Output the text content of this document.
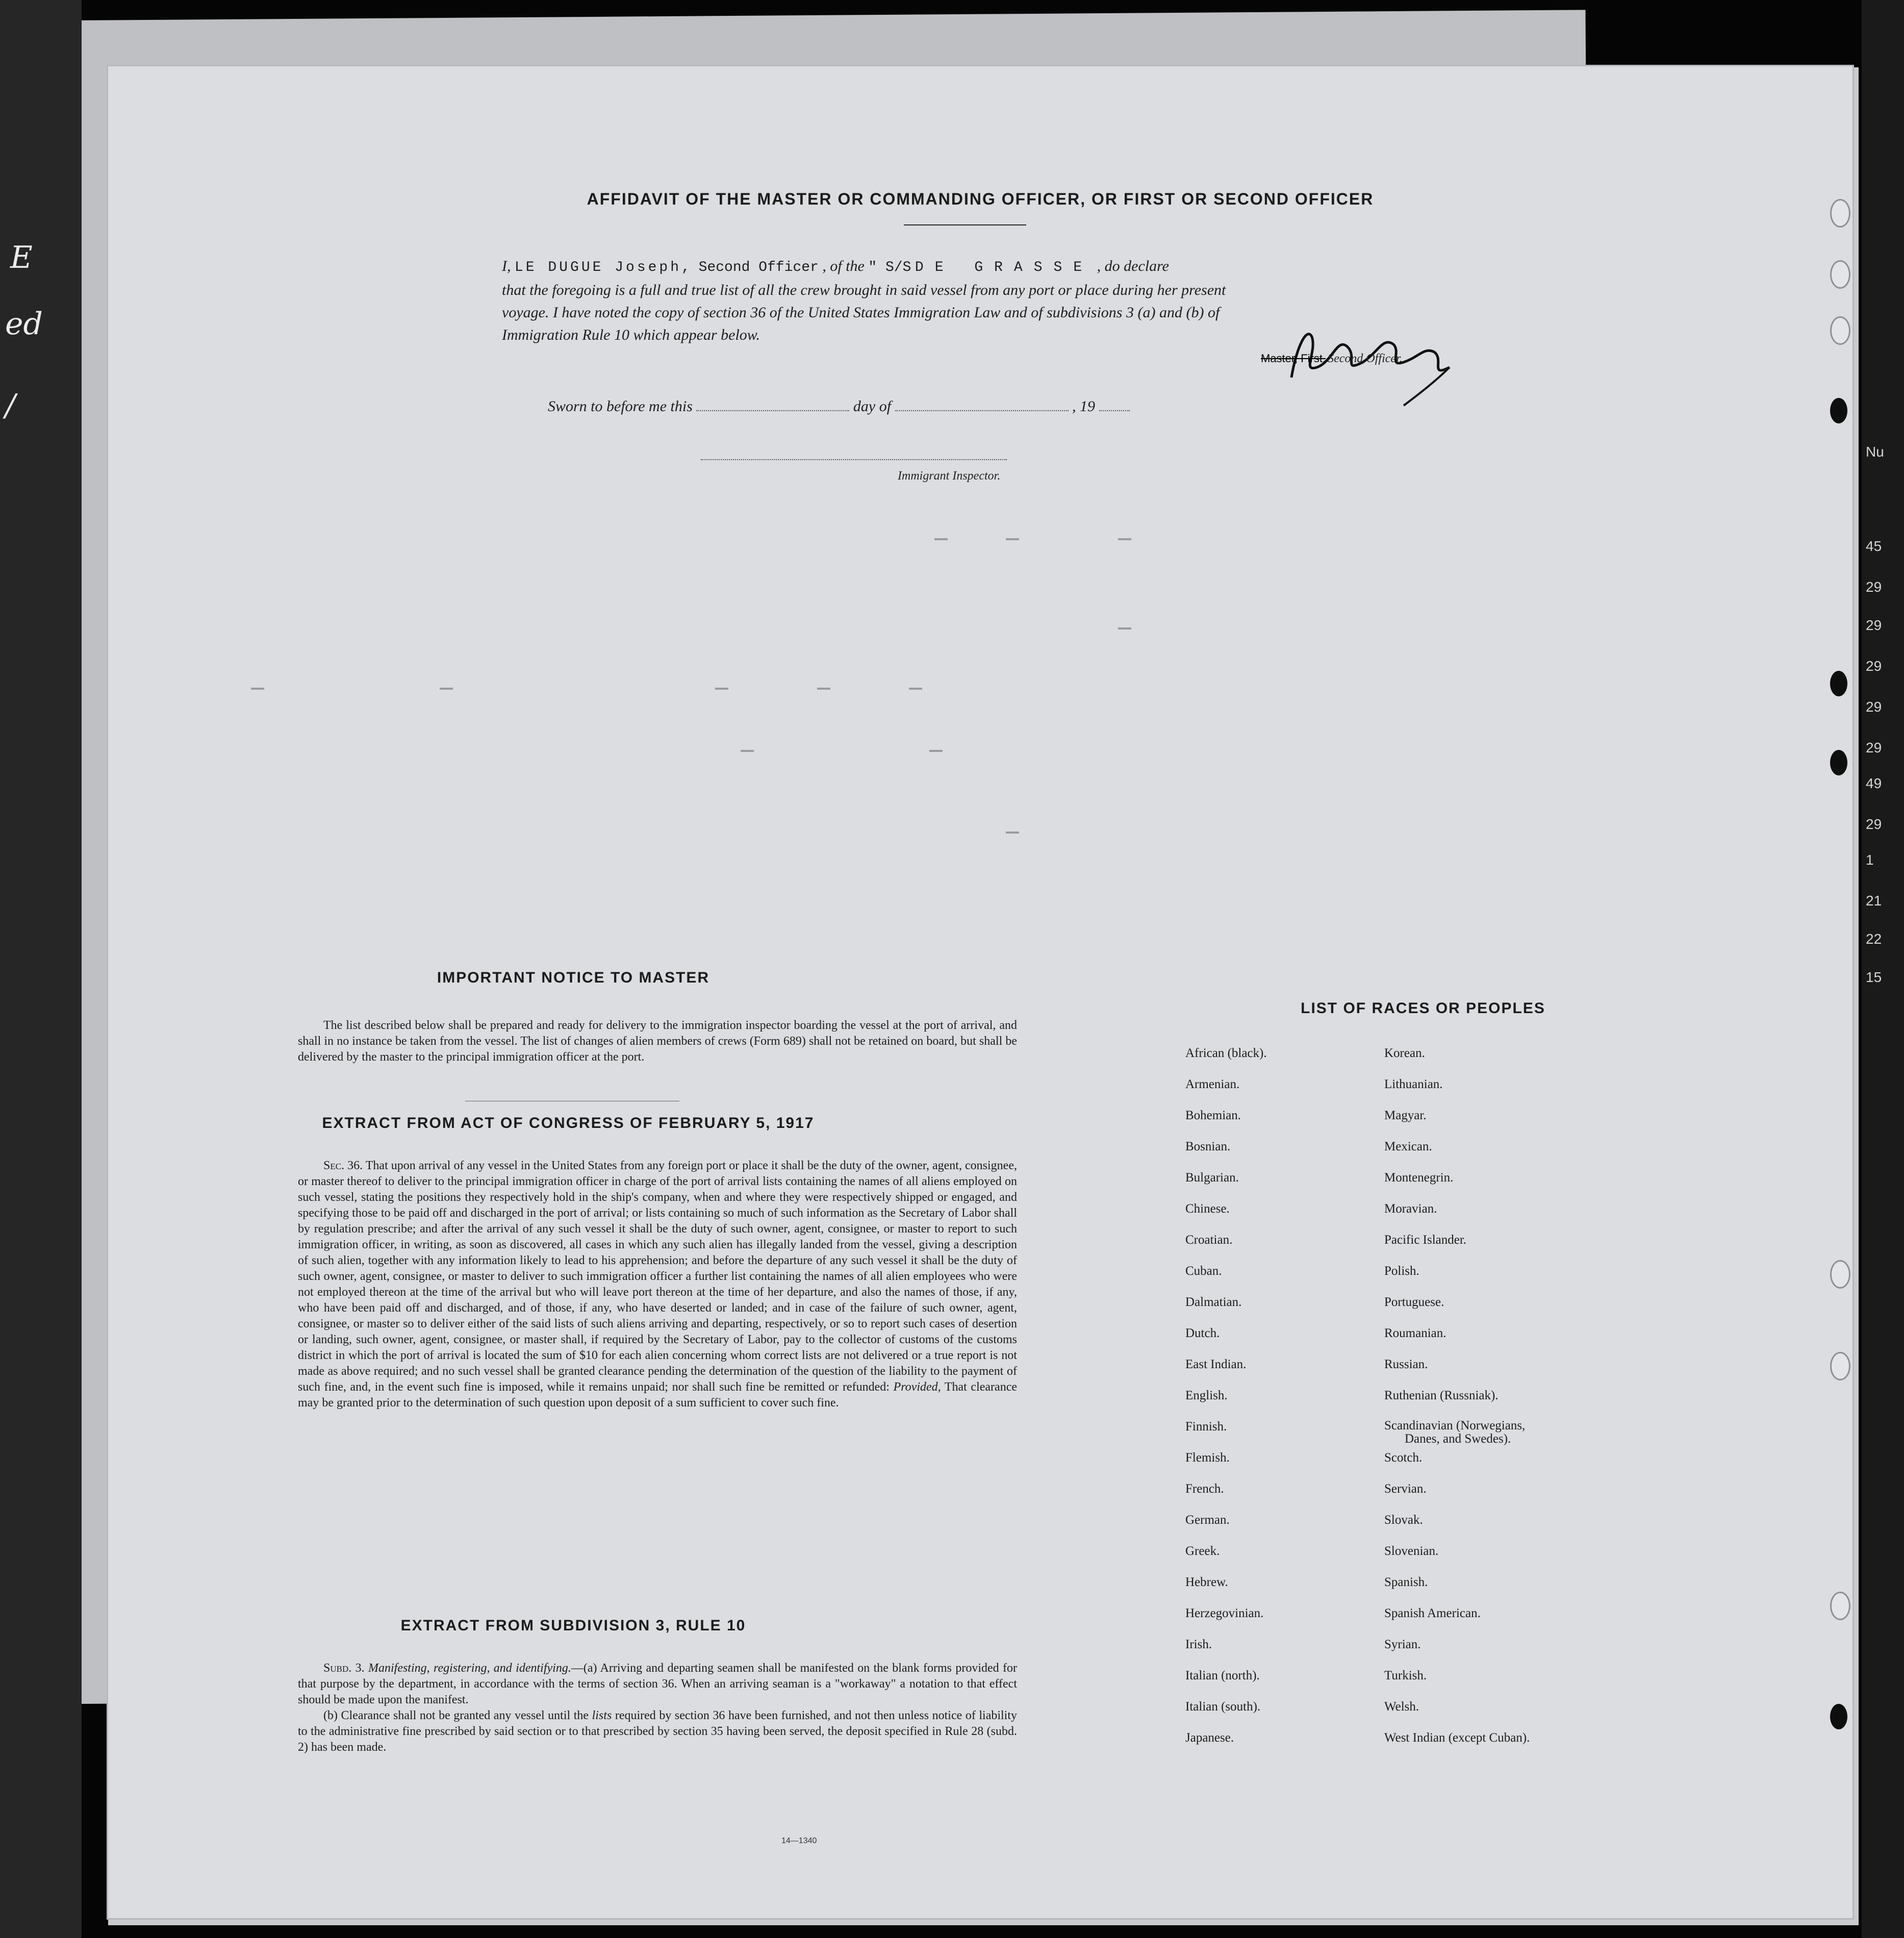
E
ed
/
Nu
45
29
29
29
29
29
49
29
1
21
22
15
AFFIDAVIT OF THE MASTER OR COMMANDING OFFICER, OR FIRST OR SECOND OFFICER
I, LE DUGUE Joseph, Second Officer , of the " S/S DE GRASSE , do declare
that the foregoing is a full and true list of all the crew brought in said vessel from any port or place during her present
voyage. I have noted the copy of section 36 of the United States Immigration Law and of subdivisions 3 (a) and (b) of
Immigration Rule 10 which appear below.
Master, First, Second Officer.
Sworn to before me this	day of	, 19
Immigrant Inspector.
IMPORTANT NOTICE TO MASTER

The list described below shall be prepared and ready for delivery to the immigration inspector boarding the vessel at the port of arrival, and shall in no instance be taken from the vessel. The list of changes of alien members of crews (Form 689) shall not be retained on board, but shall be delivered by the master to the principal immigration officer at the port.

EXTRACT FROM ACT OF CONGRESS OF FEBRUARY 5, 1917

Sec. 36. That upon arrival of any vessel in the United States from any foreign port or place it shall be the duty of the owner, agent, consignee, or master thereof to deliver to the principal immigration officer in charge of the port of arrival lists containing the names of all aliens employed on such vessel, stating the positions they respectively hold in the ship's company, when and where they were respectively shipped or engaged, and specifying those to be paid off and discharged in the port of arrival; or lists containing so much of such information as the Secretary of Labor shall by regulation prescribe; and after the arrival of any such vessel it shall be the duty of such owner, agent, consignee, or master to report to such immigration officer, in writing, as soon as discovered, all cases in which any such alien has illegally landed from the vessel, giving a description of such alien, together with any information likely to lead to his apprehension; and before the departure of any such vessel it shall be the duty of such owner, agent, consignee, or master to deliver to such immigration officer a further list containing the names of all alien employees who were not employed thereon at the time of the arrival but who will leave port thereon at the time of her departure, and also the names of those, if any, who have been paid off and discharged, and of those, if any, who have deserted or landed; and in case of the failure of such owner, agent, consignee, or master so to deliver either of the said lists of such aliens arriving and departing, respectively, or so to report such cases of desertion or landing, such owner, agent, consignee, or master shall, if required by the Secretary of Labor, pay to the collector of customs of the customs district in which the port of arrival is located the sum of $10 for each alien concerning whom correct lists are not delivered or a true report is not made as above required; and no such vessel shall be granted clearance pending the determination of the question of the liability to the payment of such fine, and, in the event such fine is imposed, while it remains unpaid; nor shall such fine be remitted or refunded: Provided, That clearance may be granted prior to the determination of such question upon deposit of a sum sufficient to cover such fine.

EXTRACT FROM SUBDIVISION 3, RULE 10

Subd. 3. Manifesting, registering, and identifying.—(a) Arriving and departing seamen shall be manifested on the blank forms provided for that purpose by the department, in accordance with the terms of section 36. When an arriving seaman is a "workaway" a notation to that effect should be made upon the manifest.

(b) Clearance shall not be granted any vessel until the lists required by section 36 have been furnished, and not then unless notice of liability to the administrative fine prescribed by said section or to that prescribed by section 35 having been served, the deposit specified in Rule 28 (subd. 2) has been made.

14—1340
LIST OF RACES OR PEOPLES
African (black).
Armenian.
Bohemian.
Bosnian.
Bulgarian.
Chinese.
Croatian.
Cuban.
Dalmatian.
Dutch.
East Indian.
English.
Finnish.
Flemish.
French.
German.
Greek.
Hebrew.
Herzegovinian.
Irish.
Italian (north).
Italian (south).
Japanese.
Korean.
Lithuanian.
Magyar.
Mexican.
Montenegrin.
Moravian.
Pacific Islander.
Polish.
Portuguese.
Roumanian.
Russian.
Ruthenian (Russniak).
Scandinavian (Norwegians,
Danes, and Swedes).
Scotch.
Servian.
Slovak.
Slovenian.
Spanish.
Spanish American.
Syrian.
Turkish.
Welsh.
West Indian (except Cuban).
